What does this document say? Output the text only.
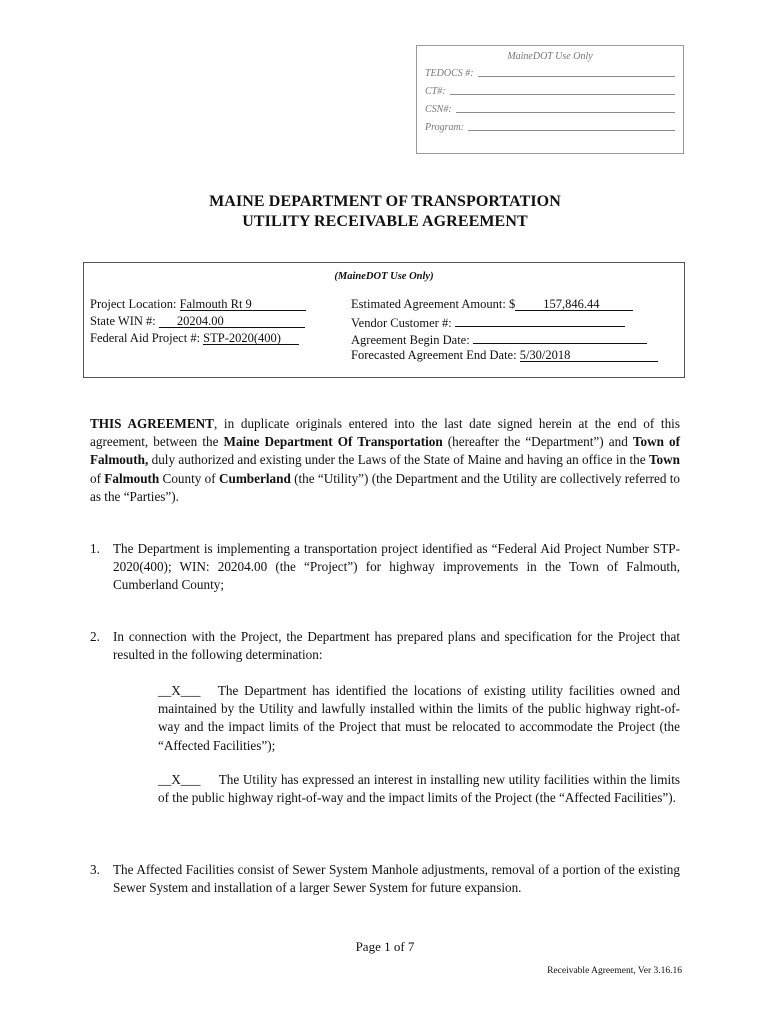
MaineDOT Use Only
TEDOCS #:
CT#:
CSN#:
Program:
MAINE DEPARTMENT OF TRANSPORTATION
UTILITY RECEIVABLE AGREEMENT
(MaineDOT Use Only)
Project Location: Falmouth Rt 9
State WIN #: 20204.00
Federal Aid Project #: STP-2020(400)
Estimated Agreement Amount: $ 157,846.44
Vendor Customer #:
Agreement Begin Date:
Forecasted Agreement End Date: 5/30/2018
THIS AGREEMENT, in duplicate originals entered into the last date signed herein at the end of this agreement, between the Maine Department Of Transportation (hereafter the “Department”) and Town of Falmouth, duly authorized and existing under the Laws of the State of Maine and having an office in the Town of Falmouth County of Cumberland (the “Utility”) (the Department and the Utility are collectively referred to as the “Parties”).
1. The Department is implementing a transportation project identified as “Federal Aid Project Number STP-2020(400); WIN: 20204.00 (the “Project”) for highway improvements in the Town of Falmouth, Cumberland County;
2. In connection with the Project, the Department has prepared plans and specification for the Project that resulted in the following determination:
__X___ The Department has identified the locations of existing utility facilities owned and maintained by the Utility and lawfully installed within the limits of the public highway right-of-way and the impact limits of the Project that must be relocated to accommodate the Project (the “Affected Facilities”);
__X___ The Utility has expressed an interest in installing new utility facilities within the limits of the public highway right-of-way and the impact limits of the Project (the “Affected Facilities”).
3. The Affected Facilities consist of Sewer System Manhole adjustments, removal of a portion of the existing Sewer System and installation of a larger Sewer System for future expansion.
Page 1 of 7
Receivable Agreement, Ver 3.16.16
